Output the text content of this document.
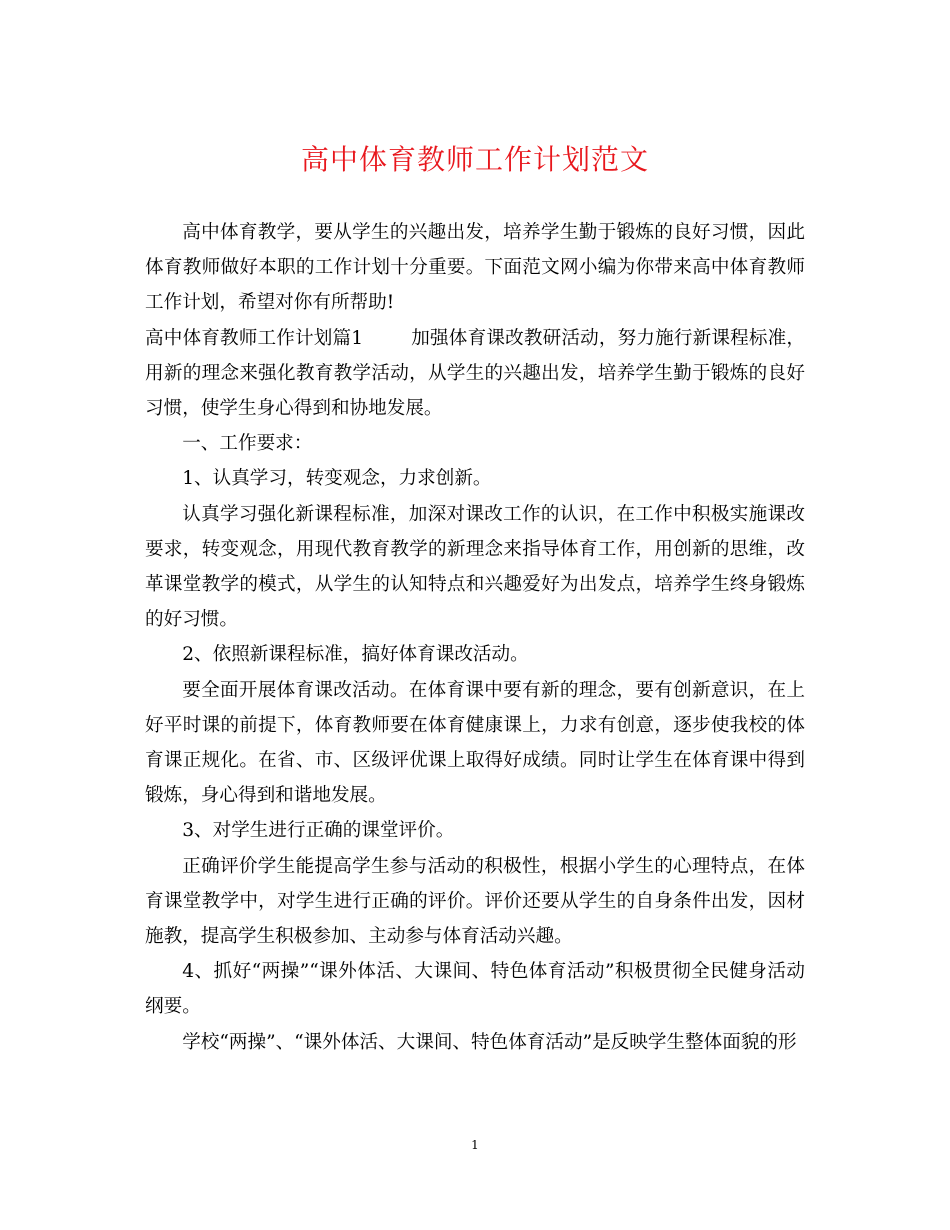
高中体育教师工作计划范文

高中体育教学，要从学生的兴趣出发，培养学生勤于锻炼的良好习惯，因此体育教师做好本职的工作计划十分重要。下面范文网小编为你带来高中体育教师工作计划，希望对你有所帮助!

高中体育教师工作计划篇1	加强体育课改教研活动，努力施行新课程标准，用新的理念来强化教育教学活动，从学生的兴趣出发，培养学生勤于锻炼的良好习惯，使学生身心得到和协地发展。

一、工作要求：

1、认真学习，转变观念，力求创新。

认真学习强化新课程标准，加深对课改工作的认识，在工作中积极实施课改要求，转变观念，用现代教育教学的新理念来指导体育工作，用创新的思维，改革课堂教学的模式，从学生的认知特点和兴趣爱好为出发点，培养学生终身锻炼的好习惯。

2、依照新课程标准，搞好体育课改活动。

要全面开展体育课改活动。在体育课中要有新的理念，要有创新意识，在上好平时课的前提下，体育教师要在体育健康课上，力求有创意，逐步使我校的体育课正规化。在省、市、区级评优课上取得好成绩。同时让学生在体育课中得到锻炼，身心得到和谐地发展。

3、对学生进行正确的课堂评价。

正确评价学生能提高学生参与活动的积极性，根据小学生的心理特点，在体育课堂教学中，对学生进行正确的评价。评价还要从学生的自身条件出发，因材施教，提高学生积极参加、主动参与体育活动兴趣。

4、抓好“两操”“课外体活、大课间、特色体育活动”积极贯彻全民健身活动纲要。

学校“两操”、“课外体活、大课间、特色体育活动”是反映学生整体面貌的形

1
